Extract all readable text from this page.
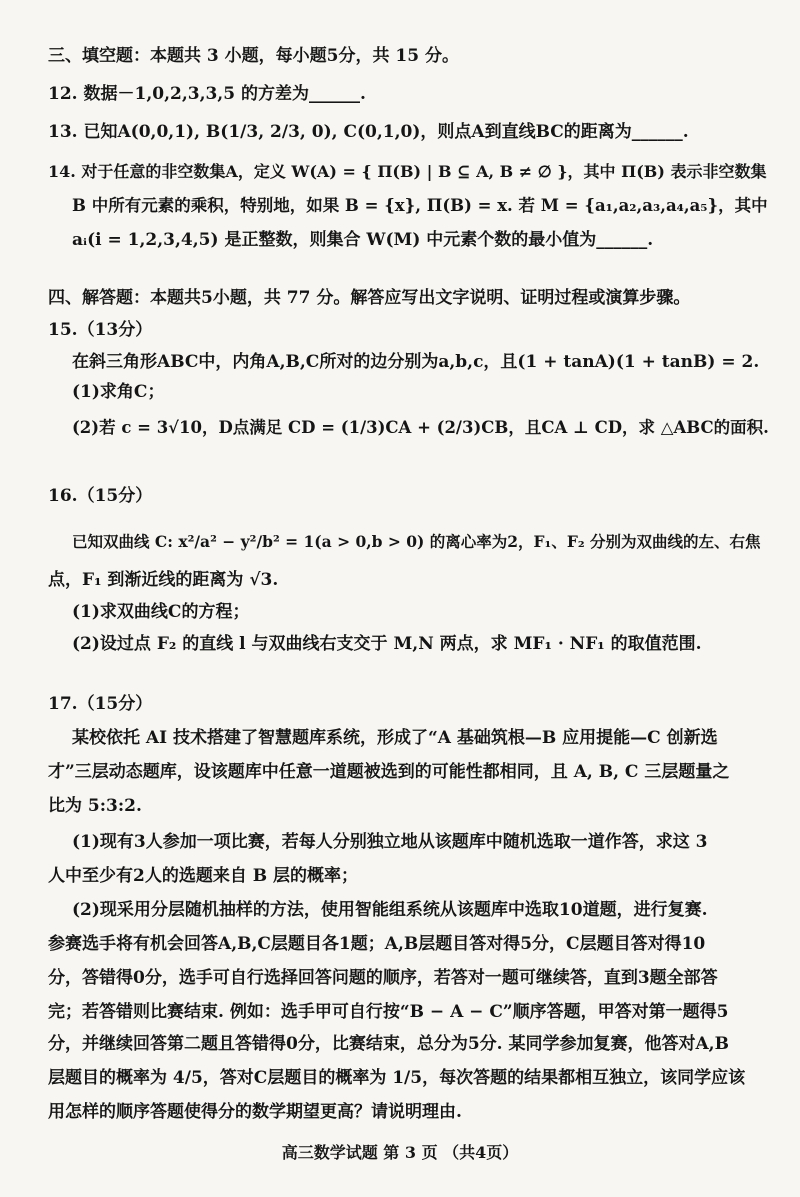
三、填空题：本题共 3 小题，每小题5分，共 15 分。
12. 数据－1,0,2,3,3,5 的方差为______.
13. 已知A(0,0,1), B(1/3, 2/3, 0), C(0,1,0)，则点A到直线BC的距离为______.
14. 对于任意的非空数集A，定义 W(A) = { Π(B) | B ⊆ A, B ≠ ∅ }，其中 Π(B) 表示非空数集
B 中所有元素的乘积，特别地，如果 B = {x}, Π(B) = x. 若 M = {a₁,a₂,a₃,a₄,a₅}，其中
aᵢ(i = 1,2,3,4,5) 是正整数，则集合 W(M) 中元素个数的最小值为______.
四、解答题：本题共5小题，共 77 分。解答应写出文字说明、证明过程或演算步骤。
15.（13分）
在斜三角形ABC中，内角A,B,C所对的边分别为a,b,c，且(1 + tanA)(1 + tanB) = 2.
(1)求角C；
(2)若 c = 3√10，D点满足 CD = (1/3)CA + (2/3)CB，且CA ⊥ CD，求 △ABC的面积.
16.（15分）
已知双曲线 C: x²/a² − y²/b² = 1(a > 0,b > 0) 的离心率为2，F₁、F₂ 分别为双曲线的左、右焦
点，F₁ 到渐近线的距离为 √3.
(1)求双曲线C的方程；
(2)设过点 F₂ 的直线 l 与双曲线右支交于 M,N 两点，求 MF₁ · NF₁ 的取值范围.
17.（15分）
某校依托 AI 技术搭建了智慧题库系统，形成了“A 基础筑根—B 应用提能—C 创新选
才”三层动态题库，设该题库中任意一道题被选到的可能性都相同，且 A, B, C 三层题量之
比为 5:3:2.
(1)现有3人参加一项比赛，若每人分别独立地从该题库中随机选取一道作答，求这 3
人中至少有2人的选题来自 B 层的概率；
(2)现采用分层随机抽样的方法，使用智能组系统从该题库中选取10道题，进行复赛.
参赛选手将有机会回答A,B,C层题目各1题；A,B层题目答对得5分，C层题目答对得10
分，答错得0分，选手可自行选择回答问题的顺序，若答对一题可继续答，直到3题全部答
完；若答错则比赛结束. 例如：选手甲可自行按“B − A − C”顺序答题，甲答对第一题得5
分，并继续回答第二题且答错得0分，比赛结束，总分为5分. 某同学参加复赛，他答对A,B
层题目的概率为 4/5，答对C层题目的概率为 1/5，每次答题的结果都相互独立，该同学应该
用怎样的顺序答题使得分的数学期望更高？请说明理由.
高三数学试题 第 3 页 （共4页）
